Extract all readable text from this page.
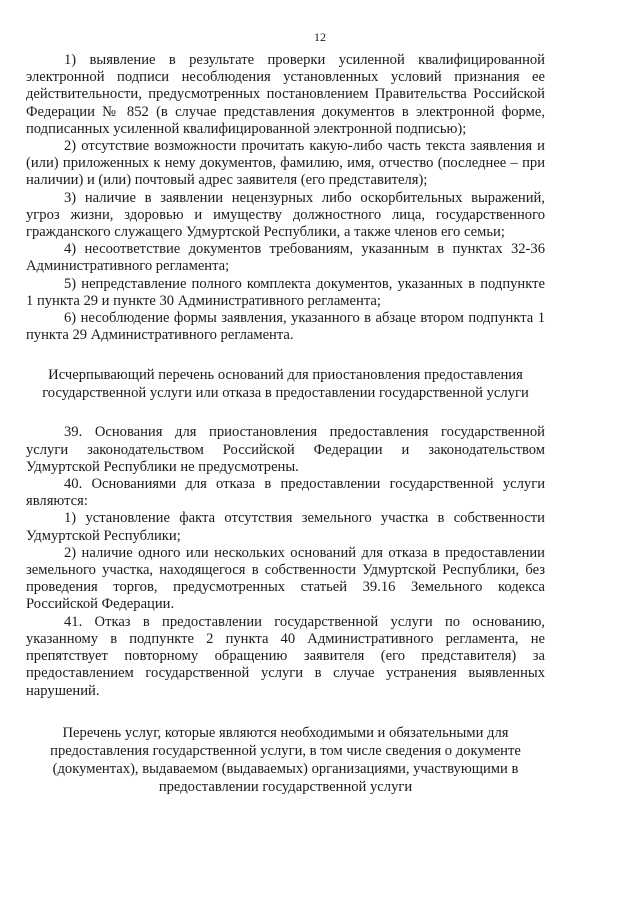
12

1) выявление в результате проверки усиленной квалифицированной электронной подписи несоблюдения установленных условий признания ее действительности, предусмотренных постановлением Правительства Российской Федерации № 852 (в случае представления документов в электронной форме, подписанных усиленной квалифицированной электронной подписью);

2) отсутствие возможности прочитать какую-либо часть текста заявления и (или) приложенных к нему документов, фамилию, имя, отчество (последнее – при наличии) и (или) почтовый адрес заявителя (его представителя);

3) наличие в заявлении нецензурных либо оскорбительных выражений, угроз жизни, здоровью и имуществу должностного лица, государственного гражданского служащего Удмуртской Республики, а также членов его семьи;

4) несоответствие документов требованиям, указанным в пунктах 32-36 Административного регламента;

5) непредставление полного комплекта документов, указанных в подпункте 1 пункта 29 и пункте 30 Административного регламента;

6) несоблюдение формы заявления, указанного в абзаце втором подпункта 1 пункта 29 Административного регламента.

Исчерпывающий перечень оснований для приостановления предоставления государственной услуги или отказа в предоставлении государственной услуги

39. Основания для приостановления предоставления государственной услуги законодательством Российской Федерации и законодательством Удмуртской Республики не предусмотрены.

40. Основаниями для отказа в предоставлении государственной услуги являются:

1) установление факта отсутствия земельного участка в собственности Удмуртской Республики;

2) наличие одного или нескольких оснований для отказа в предоставлении земельного участка, находящегося в собственности Удмуртской Республики, без проведения торгов, предусмотренных статьей 39.16 Земельного кодекса Российской Федерации.

41. Отказ в предоставлении государственной услуги по основанию, указанному в подпункте 2 пункта 40 Административного регламента, не препятствует повторному обращению заявителя (его представителя) за предоставлением государственной услуги в случае устранения выявленных нарушений.

Перечень услуг, которые являются необходимыми и обязательными для предоставления государственной услуги, в том числе сведения о документе (документах), выдаваемом (выдаваемых) организациями, участвующими в предоставлении государственной услуги
